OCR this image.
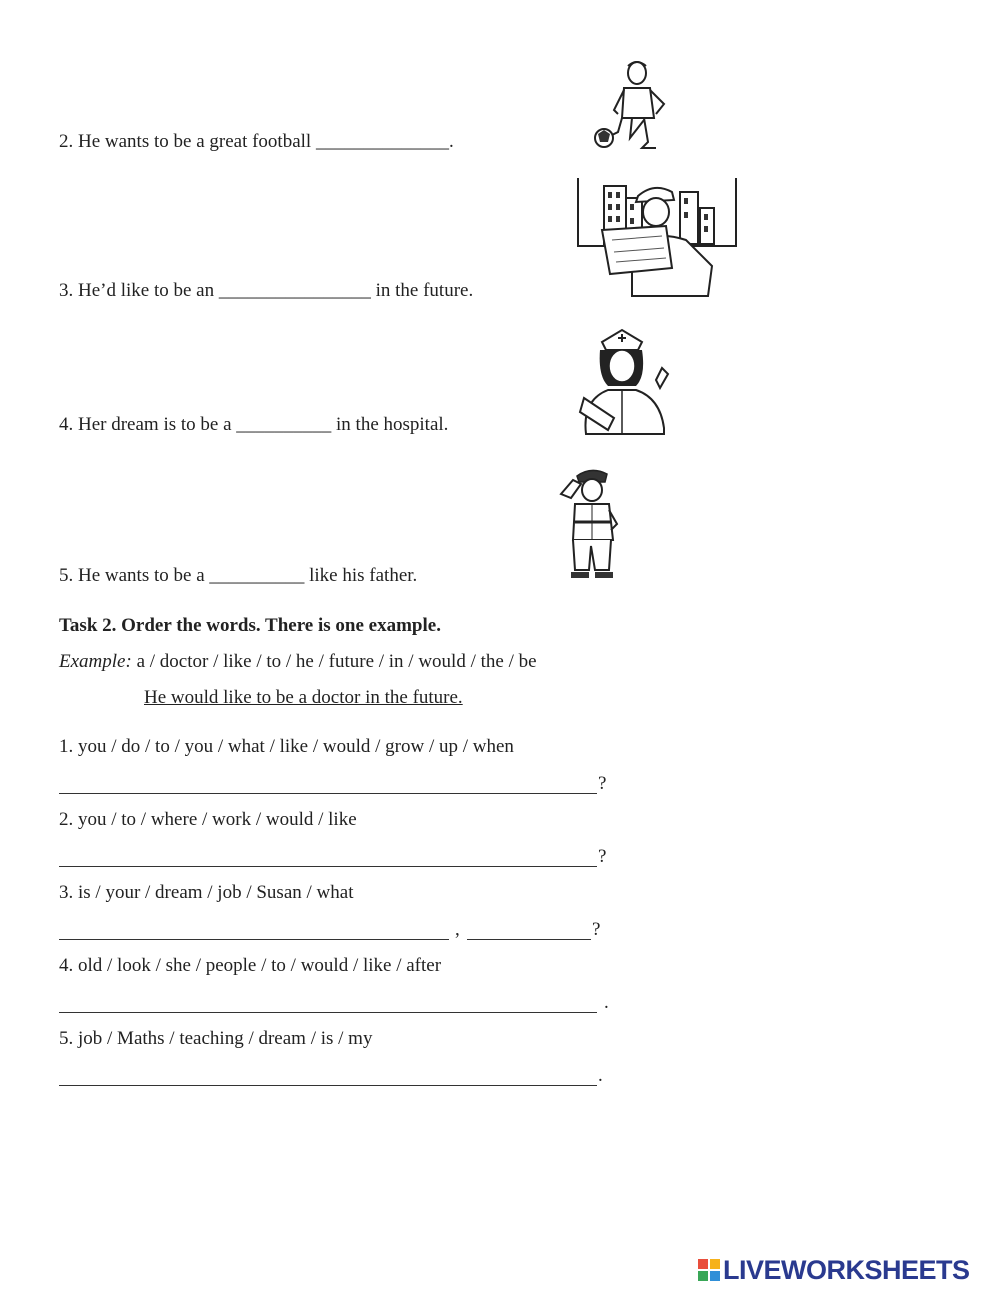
2. He wants to be a great football ______________.
3. He’d like to be an ________________ in the future.
4. Her dream is to be a __________ in the hospital.
5. He wants to be a __________ like his father.
Task 2. Order the words. There is one example.
Example: a / doctor / like / to / he / future / in / would / the / be
He would like to be a doctor in the future.
1. you / do / to / you / what / like / would / grow / up / when
?
2. you / to / where / work / would / like
?
3. is / your / dream / job / Susan / what
,	?
4. old / look / she / people / to / would / like / after
.
5. job / Maths / teaching / dream / is / my
.
LIVEWORKSHEETS
